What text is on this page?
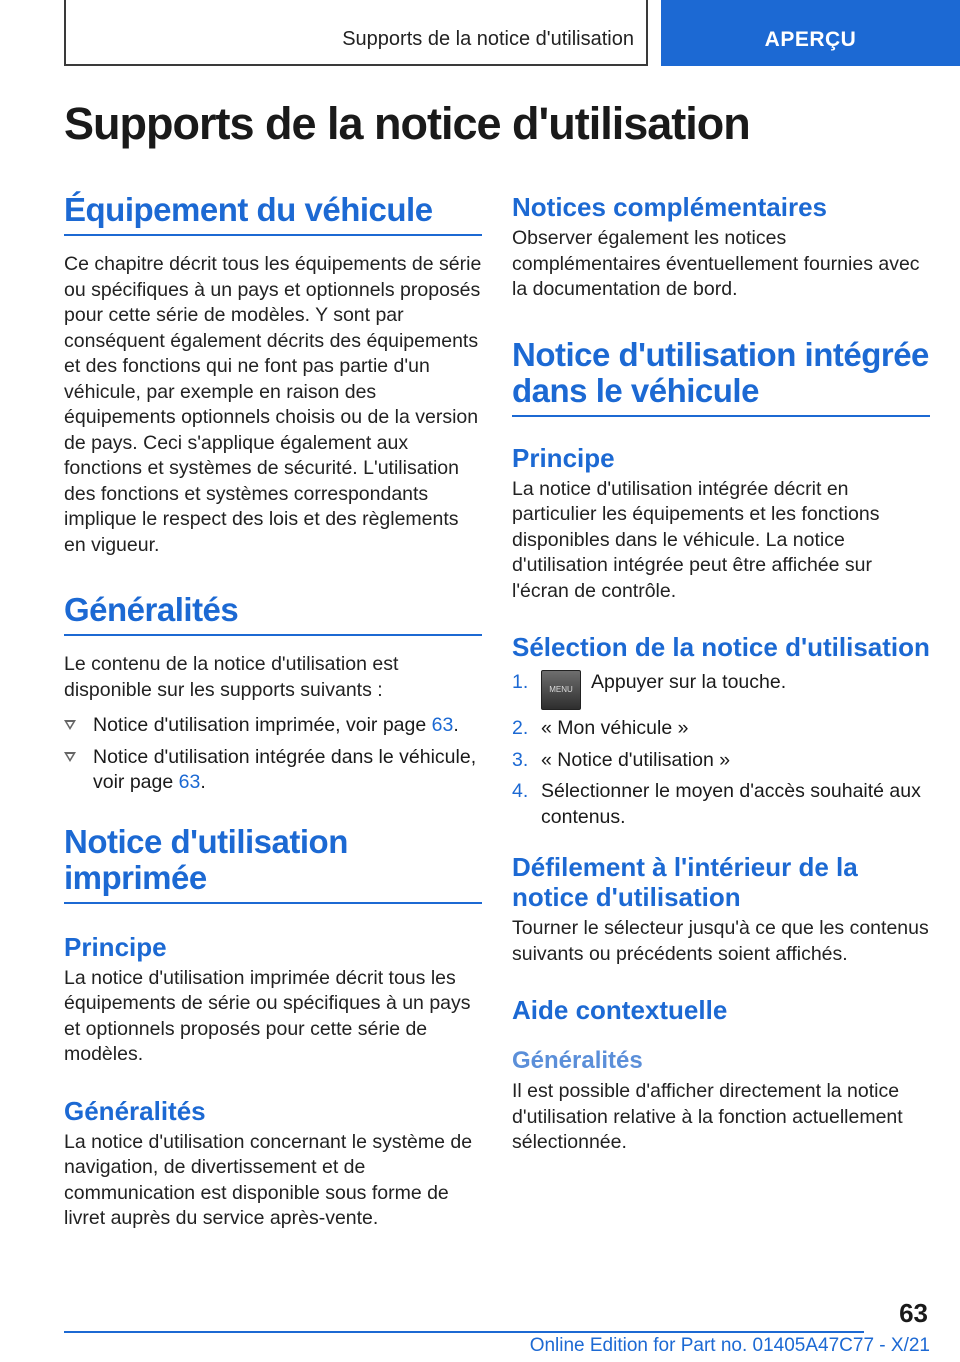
Supports de la notice d'utilisation	APERÇU
Supports de la notice d'utilisation
Équipement du véhicule

Ce chapitre décrit tous les équipements de série ou spécifiques à un pays et optionnels proposés pour cette série de modèles. Y sont par conséquent également décrits des équipements et des fonctions qui ne font pas partie d'un véhicule, par exemple en raison des équipements optionnels choisis ou de la version de pays. Ceci s'applique également aux fonctions et systèmes de sécurité. L'utilisation des fonctions et systèmes correspondants implique le respect des lois et des règlements en vigueur.

Généralités

Le contenu de la notice d'utilisation est disponible sur les supports suivants :

Notice d'utilisation imprimée, voir page 63.
Notice d'utilisation intégrée dans le véhicule, voir page 63.
Notice d'utilisation imprimée
Principe

La notice d'utilisation imprimée décrit tous les équipements de série ou spécifiques à un pays et optionnels proposés pour cette série de modèles.

Généralités

La notice d'utilisation concernant le système de navigation, de divertissement et de communication est disponible sous forme de livret auprès du service après-vente.

Notices complémentaires

Observer également les notices complémentaires éventuellement fournies avec la documentation de bord.

Notice d'utilisation intégrée dans le véhicule
Principe

La notice d'utilisation intégrée décrit en particulier les équipements et les fonctions disponibles dans le véhicule. La notice d'utilisation intégrée peut être affichée sur l'écran de contrôle.

Sélection de la notice d'utilisation
1.	MENU Appuyer sur la touche.
2. « Mon véhicule »
3. « Notice d'utilisation »
4. Sélectionner le moyen d'accès souhaité aux contenus.
Défilement à l'intérieur de la notice d'utilisation

Tourner le sélecteur jusqu'à ce que les contenus suivants ou précédents soient affichés.

Aide contextuelle
Généralités

Il est possible d'afficher directement la notice d'utilisation relative à la fonction actuellement sélectionnée.

63
Online Edition for Part no. 01405A47C77 - X/21
